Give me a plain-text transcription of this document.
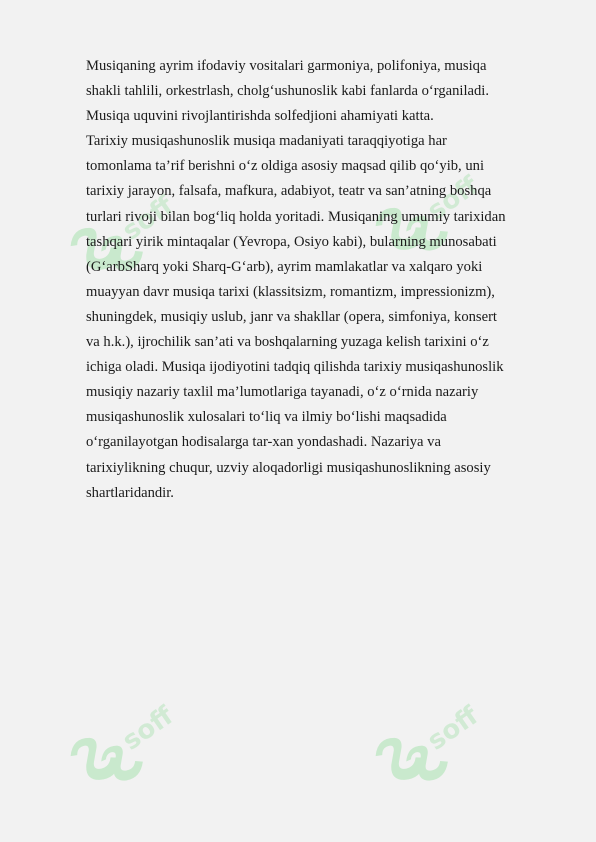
soff	soff
soff	soff
Musiqaning ayrim ifodaviy vositalari garmoniya, polifoniya, musiqa
shakli tahlili, orkestrlash, cholg‘ushunoslik kabi fanlarda o‘rganiladi.
Musiqa uquvini rivojlantirishda solfedjioni ahamiyati katta.
Tarixiy musiqashunoslik musiqa madaniyati taraqqiyotiga har
tomonlama ta’rif berishni o‘z oldiga asosiy maqsad qilib qo‘yib, uni
tarixiy jarayon, falsafa, mafkura, adabiyot, teatr va san’atning boshqa
turlari rivoji bilan bog‘liq holda yoritadi. Musiqaning umumiy tarixidan
tashqari yirik mintaqalar (Yevropa, Osiyo kabi), bularning munosabati
(G‘arbSharq yoki Sharq-G‘arb), ayrim mamlakatlar va xalqaro yoki
muayyan davr musiqa tarixi (klassitsizm, romantizm, impressionizm),
shuningdek, musiqiy uslub, janr va shakllar (opera, simfoniya, konsert
va h.k.), ijrochilik san’ati va boshqalarning yuzaga kelish tarixini o‘z
ichiga oladi. Musiqa ijodiyotini tadqiq qilishda tarixiy musiqashunoslik
musiqiy nazariy taxlil ma’lumotlariga tayanadi, o‘z o‘rnida nazariy
musiqashunoslik xulosalari to‘liq va ilmiy bo‘lishi maqsadida
o‘rganilayotgan hodisalarga tar-xan yondashadi. Nazariya va
tarixiylikning chuqur, uzviy aloqadorligi musiqashunoslikning asosiy
shartlaridandir.
